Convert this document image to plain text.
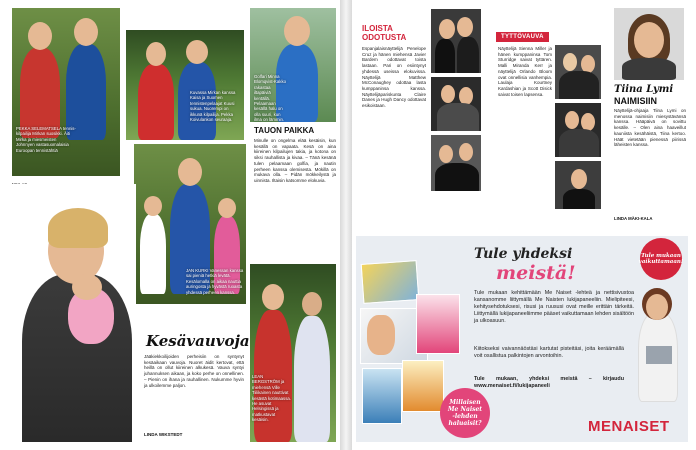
PEKKA SELEMATSELA tennis-kilpailija Mirkan suosikki. Äiti Mirka ja miesmeisten Johnnyen vastasuomalaisia Euroopan tennistähtiä
Kuvassa Mirkan kanssa Kaisa ja Suomen tennistenpelaajat Kuusi sukua. Nuorempi on ikkunä kilpailija. Pekka Koivulankon seuraaja.
Golfari Minna Blomqvist-Kakko rakastaa iltapäiviä kentällä. Pelaamaan kesällä halu on olla suuri, kun ilma on lämmin.
TAUON PAIKKA
Minulle on ongelma elää kesäisin, kun kesällä on vapaata. Kesä on aina kiireinen kilpailujen takia, ja kotona on siksi rauhallista ja kivaa. – Tänä kesänä tulen pelaamaan golfia, ja nautin perheen kanssa olemisesta. Mökillä on mukava olla. – Pidän mökkeilystä ja uinnista. Iltaisin katsomme elokuvia.
JAN KURKI Vanessan kanssa sai pieniä hetkiä levätä. Kesälomalla on aikaa nauttia auringosta ja hyvästä ruoasta yhdessä perheen kanssa.
LEAN BERGSTRÖM ja miehensä Ville Tiilikainen nauttivat kesästä kotimaassa. He asuvat Helsingissä ja matkustavat kesäisin.
Kesävauvoja
Jääkiekkoilijoiden perheisiin on syntynyt kesäaikaan vauvoja. Nuoret äidit kertovat, että heillä on ollut kiireinen alkukesä. Vauva syntyi juhannuksen aikaan, ja koko perhe on onnellinen. – Pienin on ihana ja rauhallinen. Nukumme hyvin ja ulkoilemme paljon.
LINDA WIKSTEDT
ILOISTA ODOTUSTA
Espanjalaisnäyttelijä Penelope Cruz ja hänen miehensä Javier Bardem odottavat toista lastaan. Pari on esiintynyt yhdessä useissa elokuvissa. Näyttelijä Matthew McConaughey odottaa lasta kumppaninsa kanssa. Näyttelijäpariskunta Claire Danes ja Hugh Dancy odottavat esikoistaan.
TYTTÖVAUVA
Näyttelijä Sienna Miller ja hänen kumppaninsa Tom Sturridge saivat tyttären. Malli Miranda Kerr ja näyttelijä Orlando Bloom ovat onnellisia vanhempia. Laulaja Kourtney Kardashian ja Scott Disick saivat toisen lapsensa.	Tiina Lymi
NAIMISIIN
Näyttelijä-ohjaaja Tiina Lymi on menossa naimisiin miesystävänsä kanssa. Hääpäivä on sovittu kesälle. – Olen aina haaveillut kauniista kesähäistä, Tiina kertoo. Häät vietetään pienessä piirissä läheisten kanssa.
LINDA MÄKI-KALA
Millaisen Me Naiset -lehden haluaisit?
Tule yhdeksi
meistä!
Tule mukaan vaikuttamaan!
Tule mukaan kehittämään Me Naiset -lehteä ja nettisivustoa kansanomme liittymällä Me Naisten lukijapaneeliin. Mielipiteesi, kehitysehdotuksesi, risusi ja ruususi ovat meille erittäin tärkeitä. Liittymällä lukijapaneeliimme pääset vaikuttamaan lehden sisältöön ja ulkoasuun.
Kiitokseksi vaivannäöstäsi kartutat pisteitäsi, joita keräämällä voit osallistua palkintojen arvontoihin.
Tule mukaan, yhdeksi meistä – kirjaudu www.menaiset.fi/lukijapaneeli
MENAISET
